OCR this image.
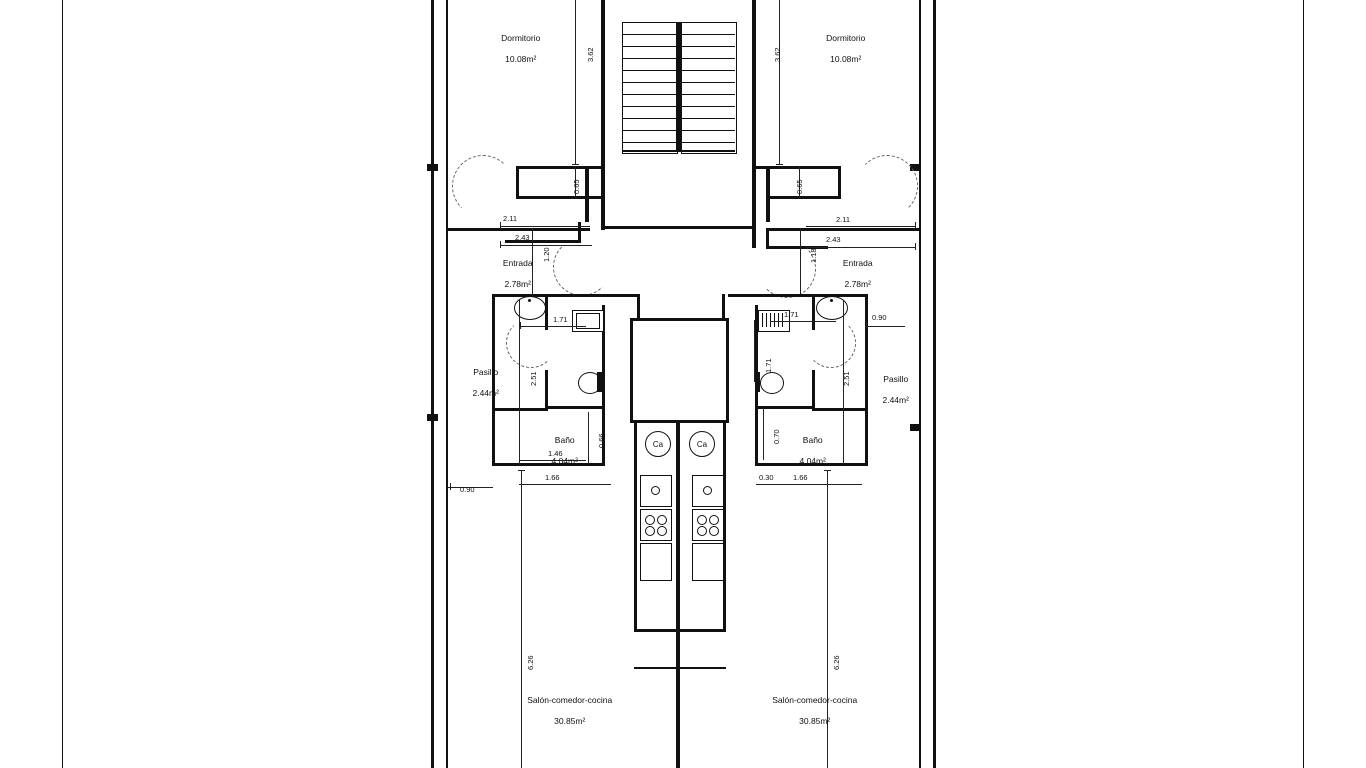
Ca	Ca

Dormitorio

10.08m²

Dormitorio

10.08m²

Entrada

2.78m²

Entrada

2.78m²

Pasillo

2.44m²

Pasillo

2.44m²

Baño

4.04m²

Baño

4.04m²

Salón-comedor-cocina

30.85m²

Salón-comedor-cocina

30.85m²

2.11
2.43
2.11
2.43
1.71
1.71	0.90
1.46
1.66	1.66
0.30
0.90
3.62	3.62
0.65	0.65
1.20	1.18
2.51	2.51
1.71
0.66	0.70
6.26	6.26
